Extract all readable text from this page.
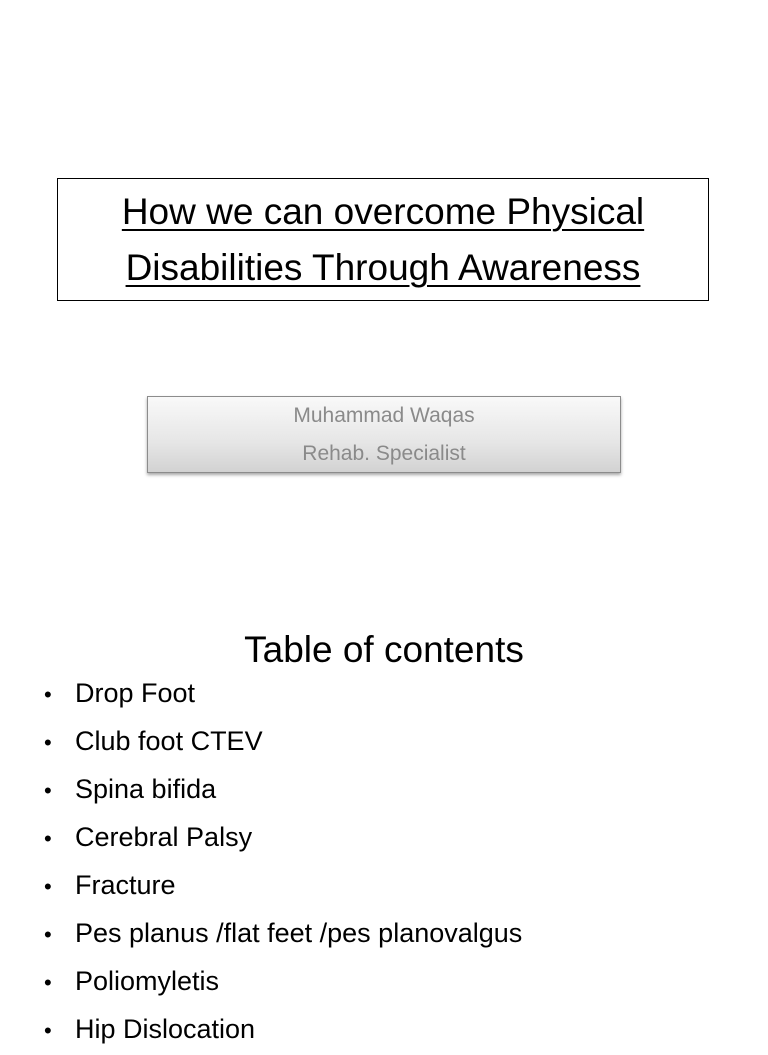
How we can overcome Physical
Disabilities Through Awareness
Muhammad Waqas
Rehab. Specialist
Table of contents
• Drop Foot
• Club foot CTEV
• Spina bifida
• Cerebral Palsy
• Fracture
• Pes planus /flat feet /pes planovalgus
• Poliomyletis
• Hip Dislocation
